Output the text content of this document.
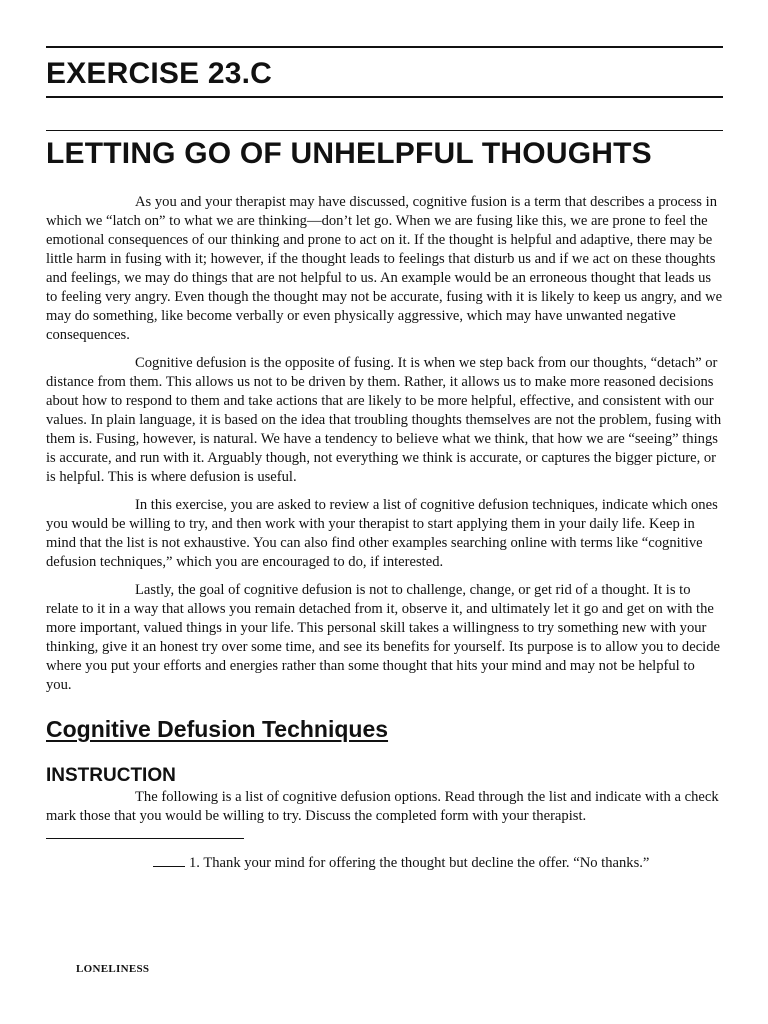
EXERCISE 23.C
LETTING GO OF UNHELPFUL THOUGHTS

As you and your therapist may have discussed, cognitive fusion is a term that describes a process in which we “latch on” to what we are thinking—don’t let go. When we are fusing like this, we are prone to feel the emotional consequences of our thinking and prone to act on it. If the thought is helpful and adaptive, there may be little harm in fusing with it; however, if the thought leads to feelings that disturb us and if we act on these thoughts and feelings, we may do things that are not helpful to us. An example would be an erroneous thought that leads us to feeling very angry. Even though the thought may not be accurate, fusing with it is likely to keep us angry, and we may do something, like become verbally or even physically aggressive, which may have unwanted negative consequences.

Cognitive defusion is the opposite of fusing. It is when we step back from our thoughts, “detach” or distance from them. This allows us not to be driven by them. Rather, it allows us to make more reasoned decisions about how to respond to them and take actions that are likely to be more helpful, effective, and consistent with our values. In plain language, it is based on the idea that troubling thoughts themselves are not the problem, fusing with them is. Fusing, however, is natural. We have a tendency to believe what we think, that how we are “seeing” things is accurate, and run with it. Arguably though, not everything we think is accurate, or captures the bigger picture, or is helpful. This is where defusion is useful.

In this exercise, you are asked to review a list of cognitive defusion techniques, indicate which ones you would be willing to try, and then work with your therapist to start applying them in your daily life. Keep in mind that the list is not exhaustive. You can also find other examples searching online with terms like “cognitive defusion techniques,” which you are encouraged to do, if interested.

Lastly, the goal of cognitive defusion is not to challenge, change, or get rid of a thought. It is to relate to it in a way that allows you remain detached from it, observe it, and ultimately let it go and get on with the more important, valued things in your life. This personal skill takes a willingness to try something new with your thinking, give it an honest try over some time, and see its benefits for yourself. Its purpose is to allow you to decide where you put your efforts and energies rather than some thought that hits your mind and may not be helpful to you.

Cognitive Defusion Techniques
INSTRUCTION

The following is a list of cognitive defusion options. Read through the list and indicate with a check mark those that you would be willing to try. Discuss the completed form with your therapist.

1. Thank your mind for offering the thought but decline the offer. “No thanks.”
LONELINESS
